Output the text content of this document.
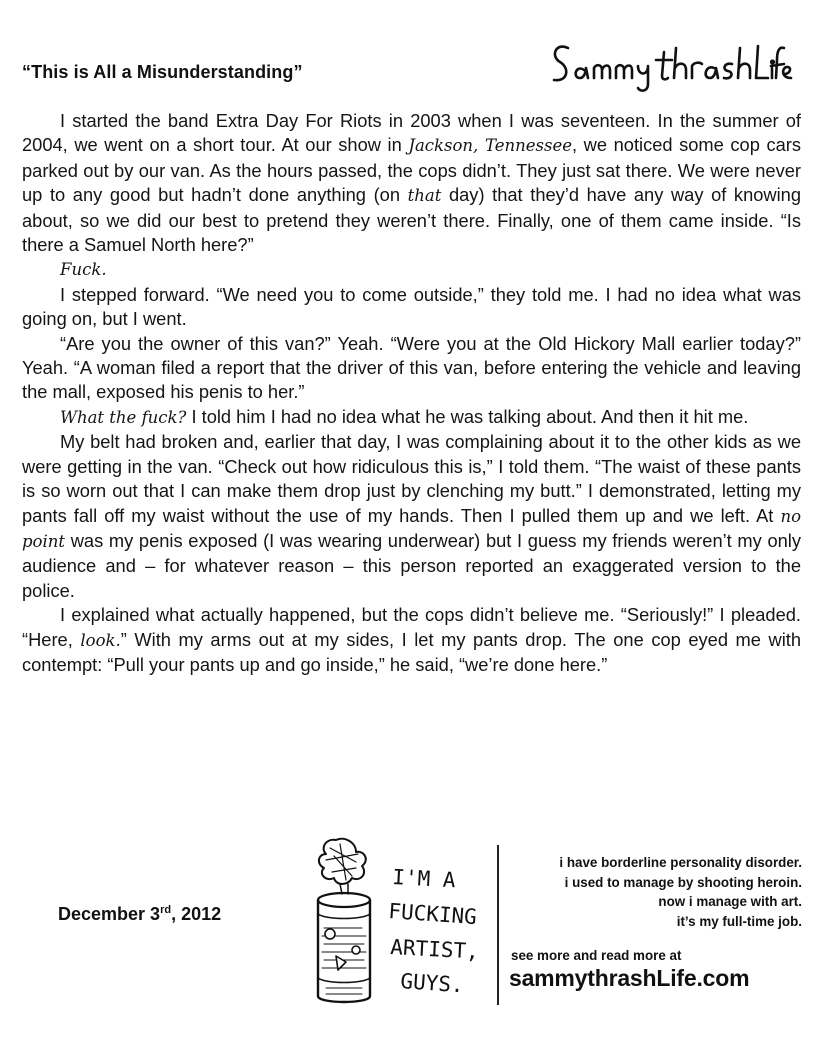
“This is All a Misunderstanding”

I started the band Extra Day For Riots in 2003 when I was seventeen. In the summer of 2004, we went on a short tour. At our show in Jackson, Tennessee, we noticed some cop cars parked out by our van. As the hours passed, the cops didn’t. They just sat there. We were never up to any good but hadn’t done anything (on that day) that they’d have any way of knowing about, so we did our best to pretend they weren’t there. Finally, one of them came inside. “Is there a Samuel North here?”

Fuck.

I stepped forward. “We need you to come outside,” they told me. I had no idea what was going on, but I went.

“Are you the owner of this van?” Yeah. “Were you at the Old Hickory Mall earlier today?” Yeah. “A woman filed a report that the driver of this van, before entering the vehicle and leaving the mall, exposed his penis to her.”

What the fuck? I told him I had no idea what he was talking about. And then it hit me.

My belt had broken and, earlier that day, I was complaining about it to the other kids as we were getting in the van. “Check out how ridiculous this is,” I told them. “The waist of these pants is so worn out that I can make them drop just by clenching my butt.” I demonstrated, letting my pants fall off my waist without the use of my hands. Then I pulled them up and we left. At no point was my penis exposed (I was wearing underwear) but I guess my friends weren’t my only audience and – for whatever reason – this person reported an exaggerated version to the police.

I explained what actually happened, but the cops didn’t believe me. “Seriously!” I pleaded. “Here, look.” With my arms out at my sides, I let my pants drop. The one cop eyed me with contempt: “Pull your pants up and go inside,” he said, “we’re done here.”

December 3rd, 2012
I'M A
FUCKING
ARTIST,
GUYS.
i have borderline personality disorder.
i used to manage by shooting heroin.
now i manage with art.
it’s my full-time job.
see more and read more at
sammythrashLife.com
